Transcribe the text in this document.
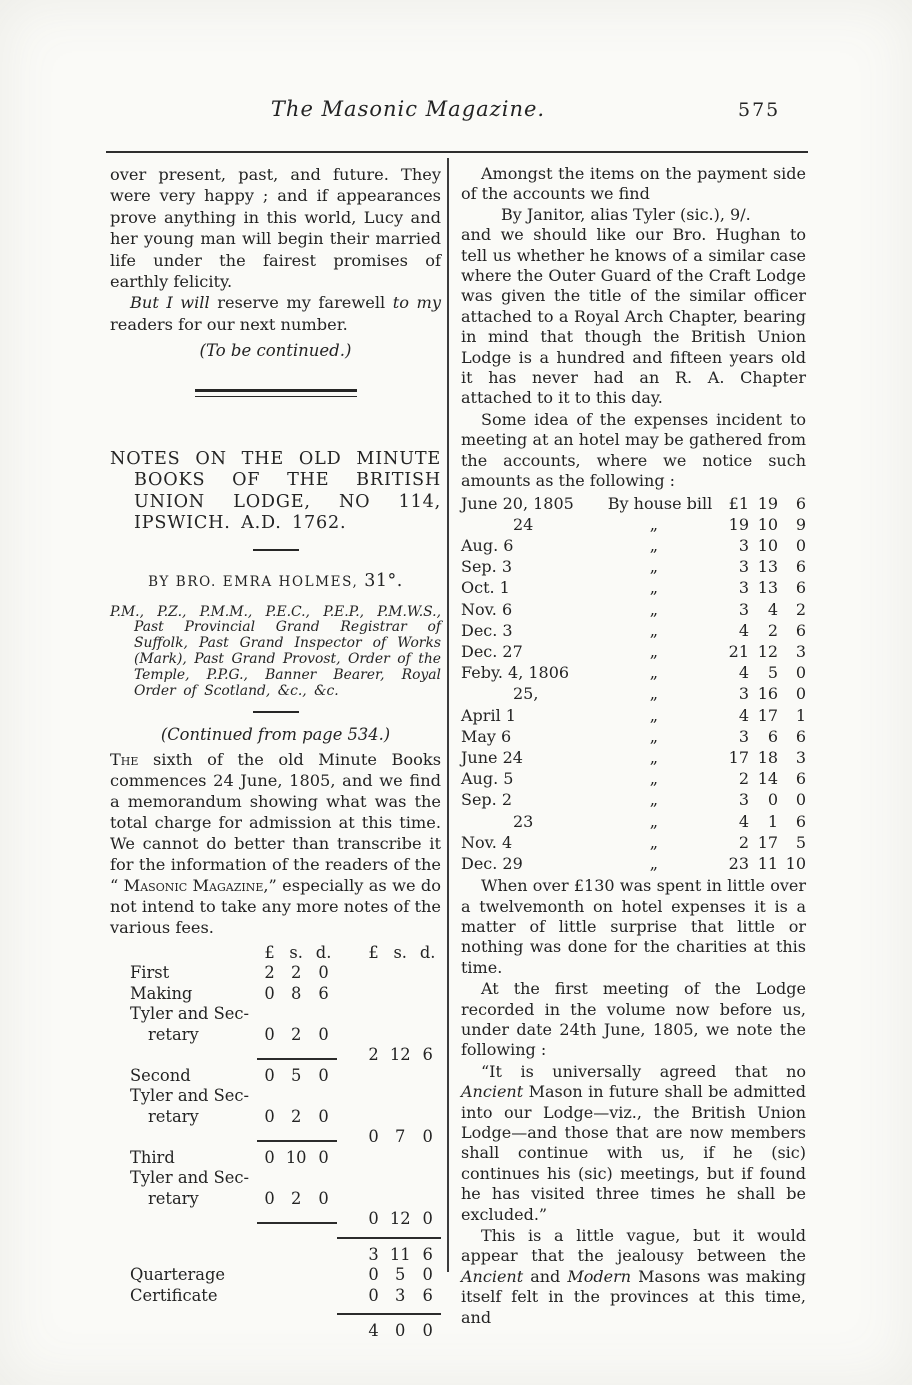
The Masonic Magazine.	575

over present, past, and future. They were very happy ; and if appearances prove anything in this world, Lucy and her young man will begin their married life under the fairest promises of earthly felicity.

But I will reserve my farewell to my readers for our next number.

(To be continued.)

NOTES ON THE OLD MINUTE BOOKS OF THE BRITISH UNION LODGE, NO 114, IPSWICH. A.D. 1762.

BY BRO. EMRA HOLMES, 31°.

P.M., P.Z., P.M.M., P.E.C., P.E.P., P.M.W.S., Past Provincial Grand Registrar of Suffolk, Past Grand Inspector of Works (Mark), Past Grand Provost, Order of the Temple, P.P.G., Banner Bearer, Royal Order of Scotland, &c., &c.

(Continued from page 534.)

The sixth of the old Minute Books commences 24 June, 1805, and we find a memorandum showing what was the total charge for admission at this time. We cannot do better than transcribe it for the information of the readers of the “ Masonic Magazine,” especially as we do not intend to take any more notes of the various fees.

	£	s.	d.	£	s.	d.
First	2	2	0			
Making	0	8	6			
Tyler and Sec-						
retary	0	2	0			
				2	12	6
Second	0	5	0			
Tyler and Sec-						
retary	0	2	0			
				0	7	0
Third	0	10	0			
Tyler and Sec-						
retary	0	2	0			
				0	12	0

				3	11	6
Quarterage				0	5	0
Certificate				0	3	6

				4	0	0

Amongst the items on the payment side of the accounts we find

By Janitor, alias Tyler (sic.), 9/.

and we should like our Bro. Hughan to tell us whether he knows of a similar case where the Outer Guard of the Craft Lodge was given the title of the similar officer attached to a Royal Arch Chapter, bearing in mind that though the British Union Lodge is a hundred and fifteen years old it has never had an R. A. Chapter attached to it to this day.

Some idea of the expenses incident to meeting at an hotel may be gathered from the accounts, where we notice such amounts as the following :

June 20, 1805	By house bill	£1	19	6
24	„	19	10	9
Aug. 6	„	3	10	0
Sep. 3	„	3	13	6
Oct. 1	„	3	13	6
Nov. 6	„	3	4	2
Dec. 3	„	4	2	6
Dec. 27	„	21	12	3
Feby. 4, 1806	„	4	5	0
25,	„	3	16	0
April 1	„	4	17	1
May 6	„	3	6	6
June 24	„	17	18	3
Aug. 5	„	2	14	6
Sep. 2	„	3	0	0
23	„	4	1	6
Nov. 4	„	2	17	5
Dec. 29	„	23	11	10

When over £130 was spent in little over a twelvemonth on hotel expenses it is a matter of little surprise that little or nothing was done for the charities at this time.

At the first meeting of the Lodge recorded in the volume now before us, under date 24th June, 1805, we note the following :

“It is universally agreed that no Ancient Mason in future shall be admitted into our Lodge—viz., the British Union Lodge—and those that are now members shall continue with us, if he (sic) continues his (sic) meetings, but if found he has visited three times he shall be excluded.”

This is a little vague, but it would appear that the jealousy between the Ancient and Modern Masons was making itself felt in the provinces at this time, and
